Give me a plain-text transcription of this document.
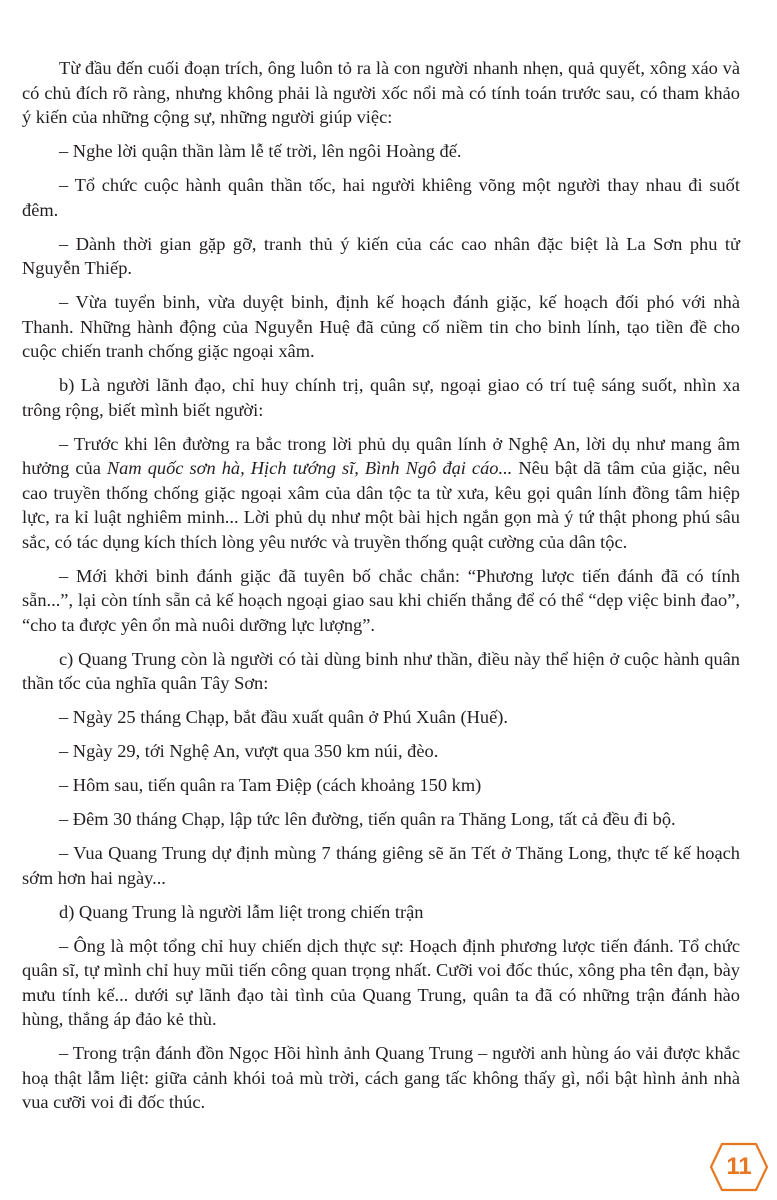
Từ đầu đến cuối đoạn trích, ông luôn tỏ ra là con người nhanh nhẹn, quả quyết, xông xáo và có chủ đích rõ ràng, nhưng không phải là người xốc nổi mà có tính toán trước sau, có tham khảo ý kiến của những cộng sự, những người giúp việc:

– Nghe lời quận thần làm lễ tế trời, lên ngôi Hoàng đế.

– Tổ chức cuộc hành quân thần tốc, hai người khiêng võng một người thay nhau đi suốt đêm.

– Dành thời gian gặp gỡ, tranh thủ ý kiến của các cao nhân đặc biệt là La Sơn phu tử Nguyễn Thiếp.

– Vừa tuyển binh, vừa duyệt binh, định kế hoạch đánh giặc, kế hoạch đối phó với nhà Thanh. Những hành động của Nguyễn Huệ đã củng cố niềm tin cho binh lính, tạo tiền đề cho cuộc chiến tranh chống giặc ngoại xâm.

b) Là người lãnh đạo, chỉ huy chính trị, quân sự, ngoại giao có trí tuệ sáng suốt, nhìn xa trông rộng, biết mình biết người:

– Trước khi lên đường ra bắc trong lời phủ dụ quân lính ở Nghệ An, lời dụ như mang âm hưởng của Nam quốc sơn hà, Hịch tướng sĩ, Bình Ngô đại cáo... Nêu bật dã tâm của giặc, nêu cao truyền thống chống giặc ngoại xâm của dân tộc ta từ xưa, kêu gọi quân lính đồng tâm hiệp lực, ra kỉ luật nghiêm minh... Lời phủ dụ như một bài hịch ngắn gọn mà ý tứ thật phong phú sâu sắc, có tác dụng kích thích lòng yêu nước và truyền thống quật cường của dân tộc.

– Mới khởi binh đánh giặc đã tuyên bố chắc chắn: “Phương lược tiến đánh đã có tính sẵn...”, lại còn tính sẵn cả kế hoạch ngoại giao sau khi chiến thắng để có thể “dẹp việc binh đao”, “cho ta được yên ổn mà nuôi dưỡng lực lượng”.

c) Quang Trung còn là người có tài dùng binh như thần, điều này thể hiện ở cuộc hành quân thần tốc của nghĩa quân Tây Sơn:

– Ngày 25 tháng Chạp, bắt đầu xuất quân ở Phú Xuân (Huế).

– Ngày 29, tới Nghệ An, vượt qua 350 km núi, đèo.

– Hôm sau, tiến quân ra Tam Điệp (cách khoảng 150 km)

– Đêm 30 tháng Chạp, lập tức lên đường, tiến quân ra Thăng Long, tất cả đều đi bộ.

– Vua Quang Trung dự định mùng 7 tháng giêng sẽ ăn Tết ở Thăng Long, thực tế kế hoạch sớm hơn hai ngày...

d) Quang Trung là người lẫm liệt trong chiến trận

– Ông là một tổng chỉ huy chiến dịch thực sự: Hoạch định phương lược tiến đánh. Tổ chức quân sĩ, tự mình chỉ huy mũi tiến công quan trọng nhất. Cưỡi voi đốc thúc, xông pha tên đạn, bày mưu tính kế... dưới sự lãnh đạo tài tình của Quang Trung, quân ta đã có những trận đánh hào hùng, thắng áp đảo kẻ thù.

– Trong trận đánh đồn Ngọc Hồi hình ảnh Quang Trung – người anh hùng áo vải được khắc hoạ thật lẫm liệt: giữa cảnh khói toả mù trời, cách gang tấc không thấy gì, nổi bật hình ảnh nhà vua cưỡi voi đi đốc thúc.

11
